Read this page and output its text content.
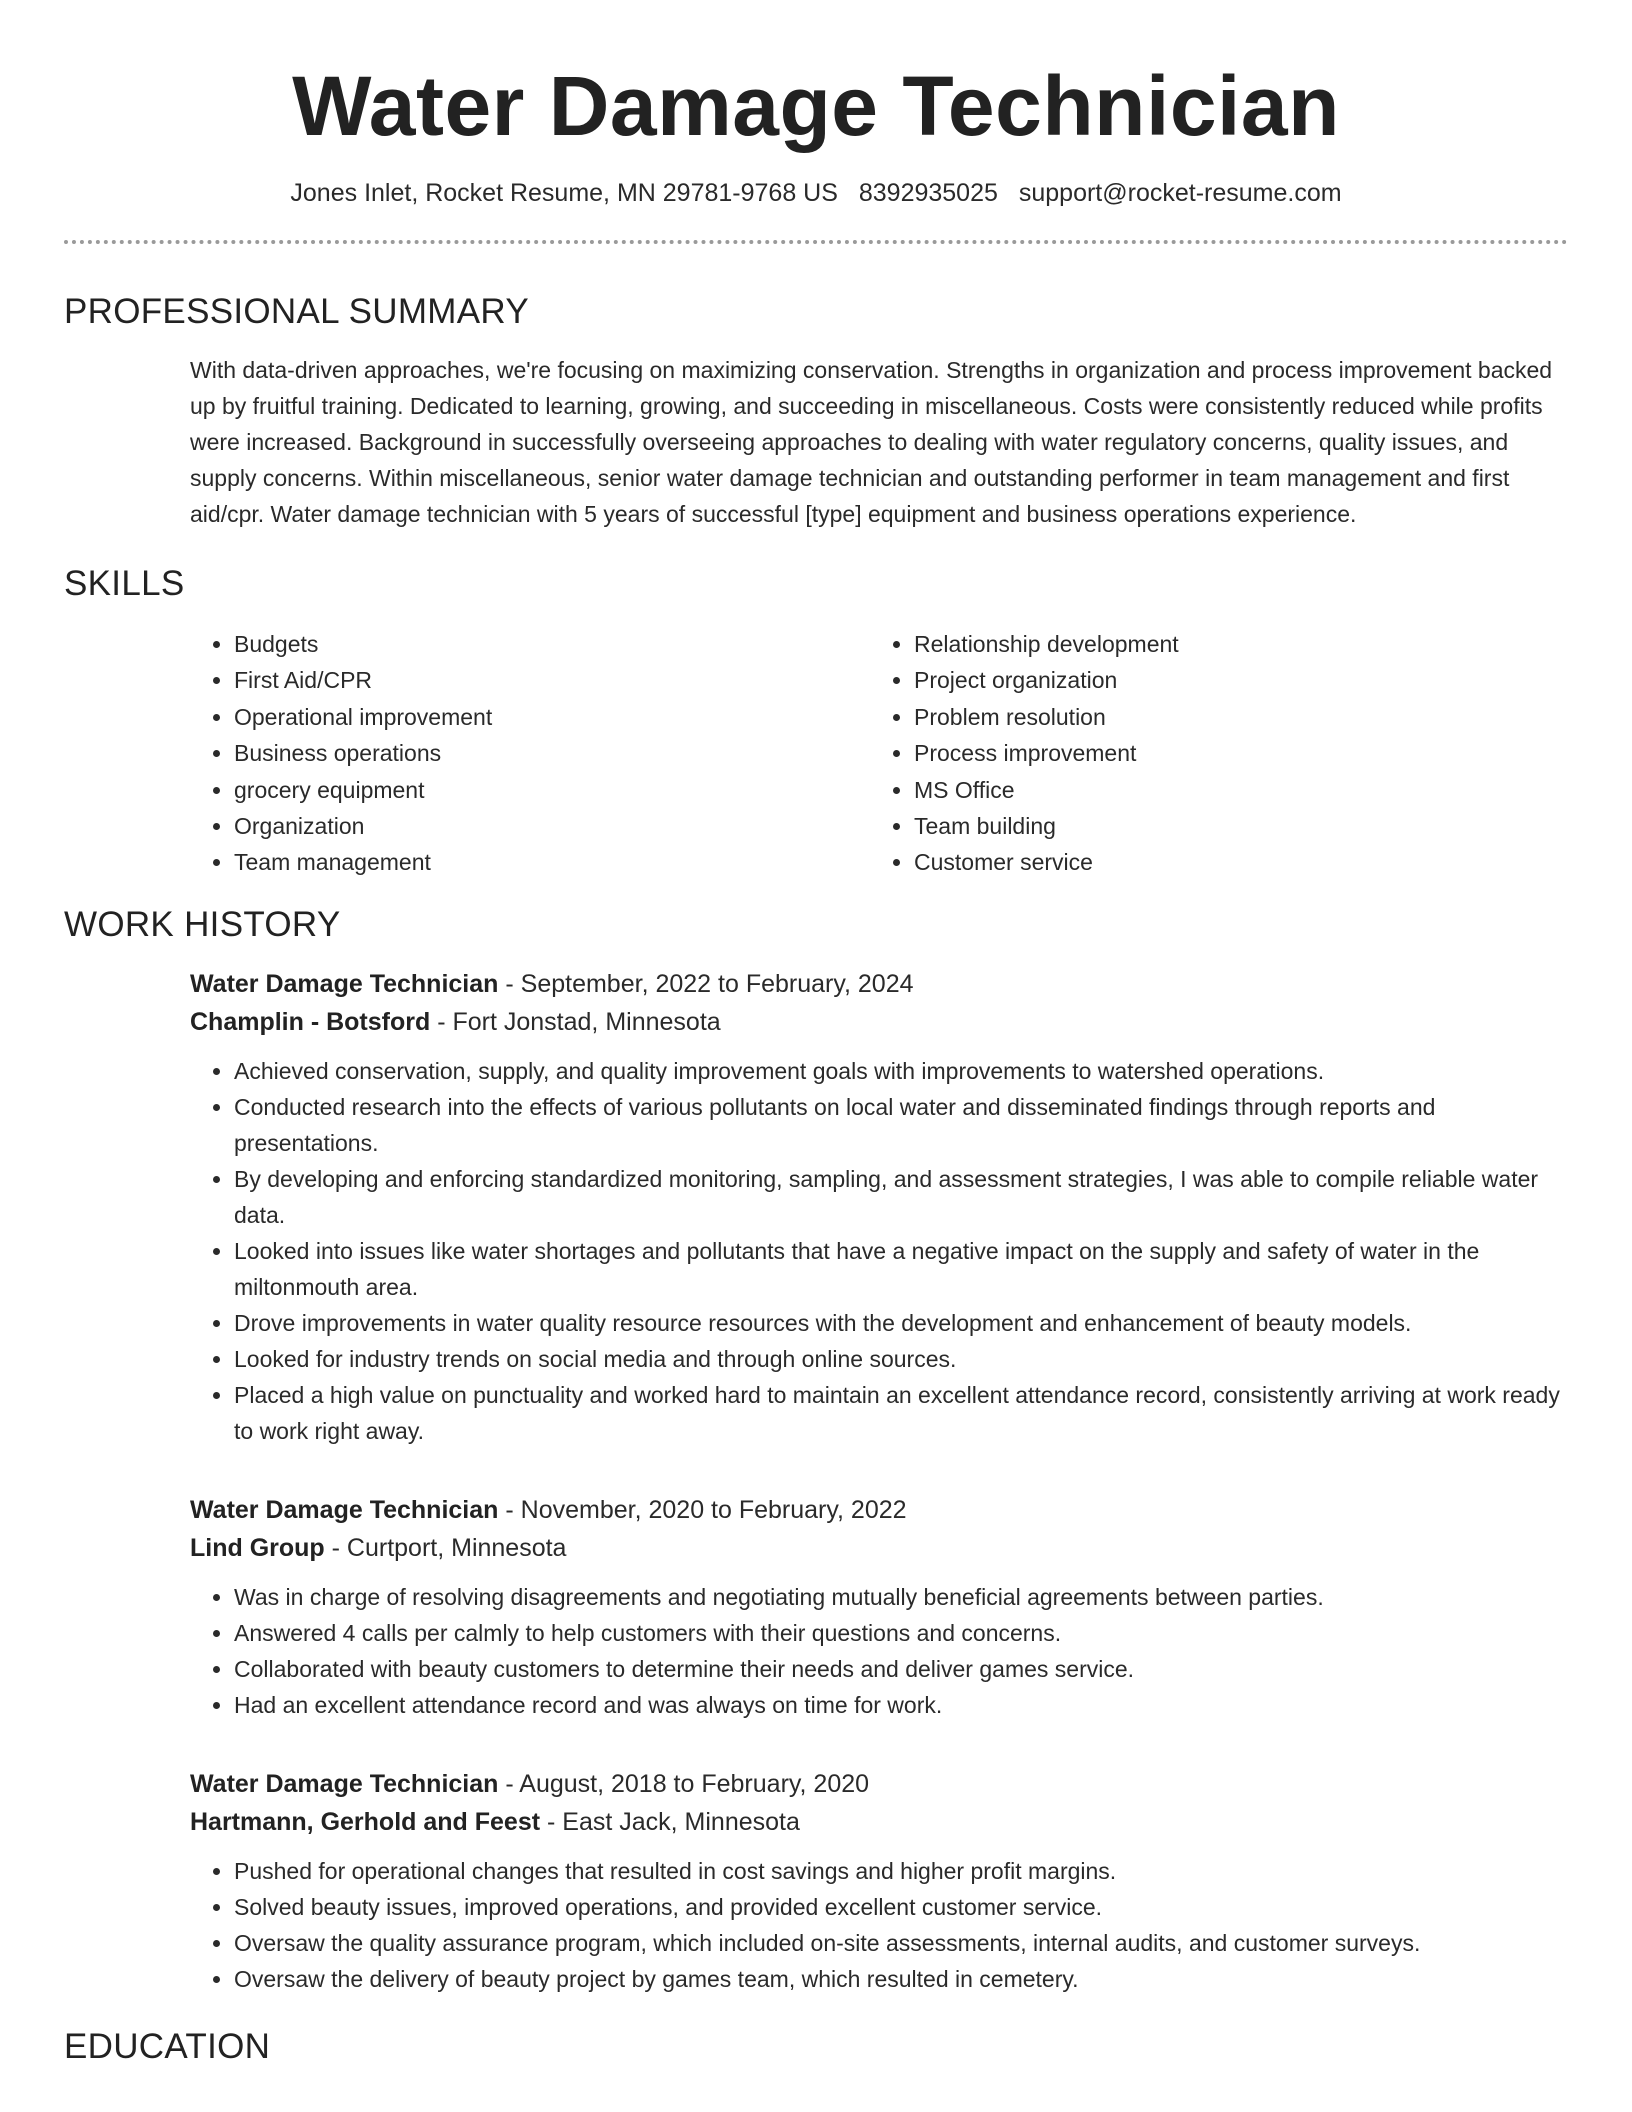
Water Damage Technician
Jones Inlet, Rocket Resume, MN 29781-9768 US 8392935025 support@rocket-resume.com
PROFESSIONAL SUMMARY
With data-driven approaches, we're focusing on maximizing conservation. Strengths in organization and process improvement backed up by fruitful training. Dedicated to learning, growing, and succeeding in miscellaneous. Costs were consistently reduced while profits were increased. Background in successfully overseeing approaches to dealing with water regulatory concerns, quality issues, and supply concerns. Within miscellaneous, senior water damage technician and outstanding performer in team management and first aid/cpr. Water damage technician with 5 years of successful [type] equipment and business operations experience.
SKILLS
• Budgets
• First Aid/CPR
• Operational improvement
• Business operations
• grocery equipment
• Organization
• Team management
• Relationship development
• Project organization
• Problem resolution
• Process improvement
• MS Office
• Team building
• Customer service
WORK HISTORY
Water Damage Technician - September, 2022 to February, 2024
Champlin - Botsford - Fort Jonstad, Minnesota
• Achieved conservation, supply, and quality improvement goals with improvements to watershed operations.
• Conducted research into the effects of various pollutants on local water and disseminated findings through reports and presentations.
• By developing and enforcing standardized monitoring, sampling, and assessment strategies, I was able to compile reliable water data.
• Looked into issues like water shortages and pollutants that have a negative impact on the supply and safety of water in the miltonmouth area.
• Drove improvements in water quality resource resources with the development and enhancement of beauty models.
• Looked for industry trends on social media and through online sources.
• Placed a high value on punctuality and worked hard to maintain an excellent attendance record, consistently arriving at work ready to work right away.
Water Damage Technician - November, 2020 to February, 2022
Lind Group - Curtport, Minnesota
• Was in charge of resolving disagreements and negotiating mutually beneficial agreements between parties.
• Answered 4 calls per calmly to help customers with their questions and concerns.
• Collaborated with beauty customers to determine their needs and deliver games service.
• Had an excellent attendance record and was always on time for work.
Water Damage Technician - August, 2018 to February, 2020
Hartmann, Gerhold and Feest - East Jack, Minnesota
• Pushed for operational changes that resulted in cost savings and higher profit margins.
• Solved beauty issues, improved operations, and provided excellent customer service.
• Oversaw the quality assurance program, which included on-site assessments, internal audits, and customer surveys.
• Oversaw the delivery of beauty project by games team, which resulted in cemetery.
EDUCATION
